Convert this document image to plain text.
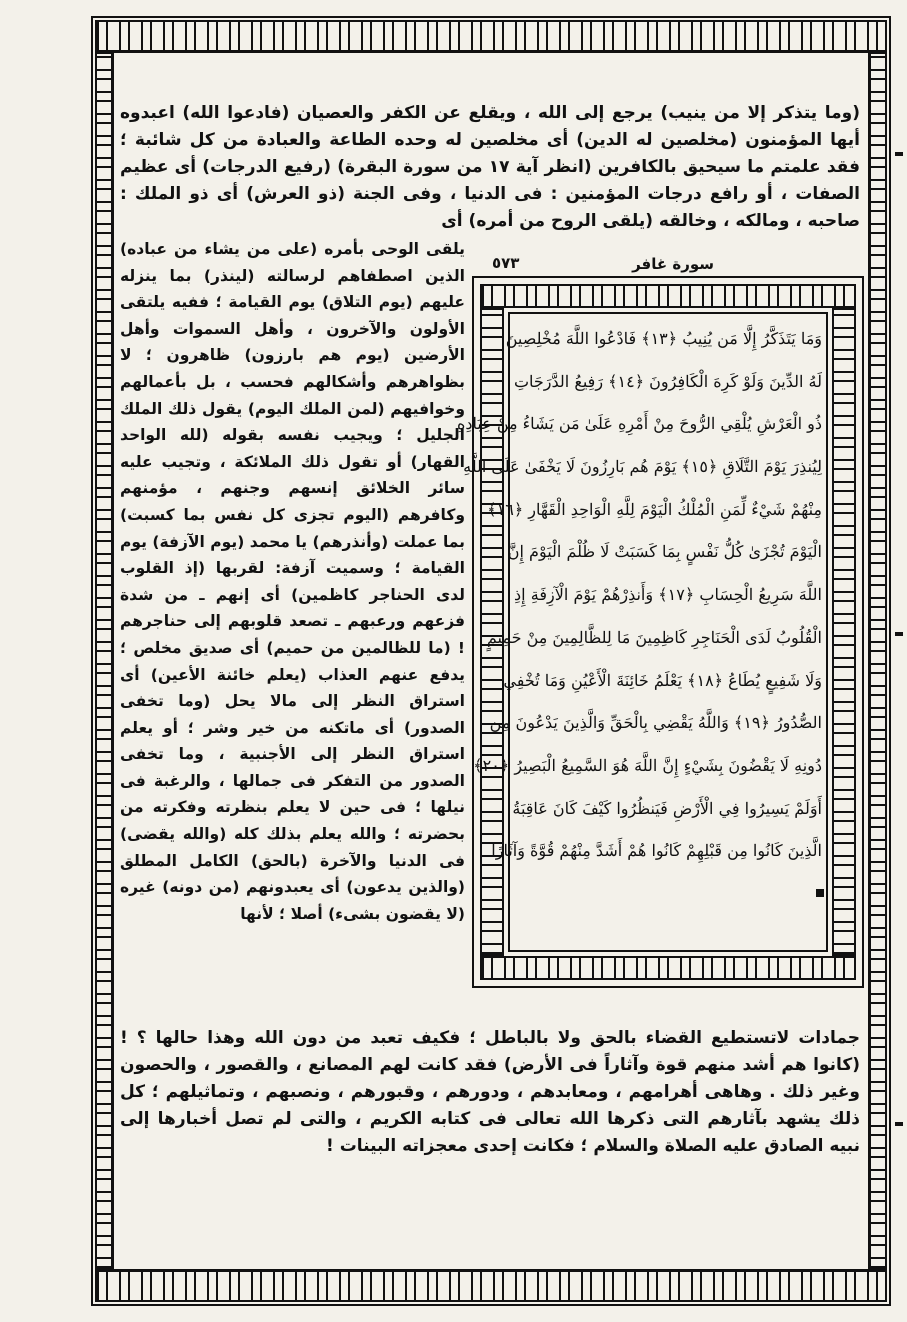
(وما يتذكر إلا من ينيب) يرجع إلى الله ، ويقلع عن الكفر والعصيان (فادعوا الله) اعبدوه أيها المؤمنون (مخلصين له الدين) أى مخلصين له وحده الطاعة والعبادة من كل شائبة ؛ فقد علمتم ما سيحيق بالكافرين (انظر آية ١٧ من سورة البقرة) (رفيع الدرجات) أى عظيم الصفات ، أو رافع درجات المؤمنين : فى الدنيا ، وفى الجنة (ذو العرش) أى ذو الملك : صاحبه ، ومالكه ، وخالقه (يلقى الروح من أمره) أى
يلقى الوحى بأمره (على من يشاء من عباده) الذين اصطفاهم لرسالته (لينذر) بما ينزله عليهم (يوم التلاق) يوم القيامة ؛ ففيه يلتقى الأولون والآخرون ، وأهل السموات وأهل الأرضين (يوم هم بارزون) ظاهرون ؛ لا بظواهرهم وأشكالهم فحسب ، بل بأعمالهم وخوافيهم (لمن الملك اليوم) يقول ذلك الملك الجليل ؛ ويجيب نفسه بقوله (لله الواحد القهار) أو تقول ذلك الملائكة ، وتجيب عليه سائر الخلائق إنسهم وجنهم ، مؤمنهم وكافرهم (اليوم تجزى كل نفس بما كسبت) بما عملت (وأنذرهم) يا محمد (يوم الآزفة) يوم القيامة ؛ وسميت آزفة: لقربها (إذ القلوب لدى الحناجر كاظمين) أى إنهم ـ من شدة فزعهم ورعبهم ـ تصعد قلوبهم إلى حناجرهم ! (ما للظالمين من حميم) أى صديق مخلص ؛ يدفع عنهم العذاب (يعلم خائنة الأعين) أى استراق النظر إلى مالا يحل (وما تخفى الصدور) أى ماتكنه من خير وشر ؛ أو يعلم استراق النظر إلى الأجنبية ، وما تخفى الصدور من التفكر فى جمالها ، والرغبة فى نيلها ؛ فى حين لا يعلم بنظرته وفكرته من بحضرته ؛ والله يعلم بذلك كله (والله يقضى) فى الدنيا والآخرة (بالحق) الكامل المطلق (والذين يدعون) أى يعبدونهم (من دونه) غيره (لا يقضون بشىء) أصلا ؛ لأنها
سورة غافر
٥٧٣
وَمَا يَتَذَكَّرُ إِلَّا مَن يُنِيبُ ﴿١٣﴾ فَادْعُوا اللَّهَ مُخْلِصِينَ
لَهُ الدِّينَ وَلَوْ كَرِهَ الْكَافِرُونَ ﴿١٤﴾ رَفِيعُ الدَّرَجَاتِ
ذُو الْعَرْشِ يُلْقِي الرُّوحَ مِنْ أَمْرِهِ عَلَىٰ مَن يَشَاءُ مِنْ عِبَادِهِ
لِيُنذِرَ يَوْمَ التَّلَاقِ ﴿١٥﴾ يَوْمَ هُم بَارِزُونَ لَا يَخْفَىٰ عَلَى اللَّهِ
مِنْهُمْ شَيْءٌ لِّمَنِ الْمُلْكُ الْيَوْمَ لِلَّهِ الْوَاحِدِ الْقَهَّارِ ﴿١٦﴾
الْيَوْمَ تُجْزَىٰ كُلُّ نَفْسٍ بِمَا كَسَبَتْ لَا ظُلْمَ الْيَوْمَ إِنَّ
اللَّهَ سَرِيعُ الْحِسَابِ ﴿١٧﴾ وَأَنذِرْهُمْ يَوْمَ الْآزِفَةِ إِذِ
الْقُلُوبُ لَدَى الْحَنَاجِرِ كَاظِمِينَ مَا لِلظَّالِمِينَ مِنْ حَمِيمٍ
وَلَا شَفِيعٍ يُطَاعُ ﴿١٨﴾ يَعْلَمُ خَائِنَةَ الْأَعْيُنِ وَمَا تُخْفِي
الصُّدُورُ ﴿١٩﴾ وَاللَّهُ يَقْضِي بِالْحَقِّ وَالَّذِينَ يَدْعُونَ مِن
دُونِهِ لَا يَقْضُونَ بِشَيْءٍ إِنَّ اللَّهَ هُوَ السَّمِيعُ الْبَصِيرُ ﴿٢٠﴾
أَوَلَمْ يَسِيرُوا فِي الْأَرْضِ فَيَنظُرُوا كَيْفَ كَانَ عَاقِبَةُ
الَّذِينَ كَانُوا مِن قَبْلِهِمْ كَانُوا هُمْ أَشَدَّ مِنْهُمْ قُوَّةً وَآثَارًا
جمادات لاتستطيع القضاء بالحق ولا بالباطل ؛ فكيف تعبد من دون الله وهذا حالها ؟ ! (كانوا هم أشد منهم قوة وآثاراً فى الأرض) فقد كانت لهم المصانع ، والقصور ، والحصون وغير ذلك . وهاهى أهرامهم ، ومعابدهم ، ودورهم ، وقبورهم ، ونصبهم ، وتماثيلهم ؛ كل ذلك يشهد بآثارهم التى ذكرها الله تعالى فى كتابه الكريم ، والتى لم تصل أخبارها إلى نبيه الصادق عليه الصلاة والسلام ؛ فكانت إحدى معجزاته البينات !
